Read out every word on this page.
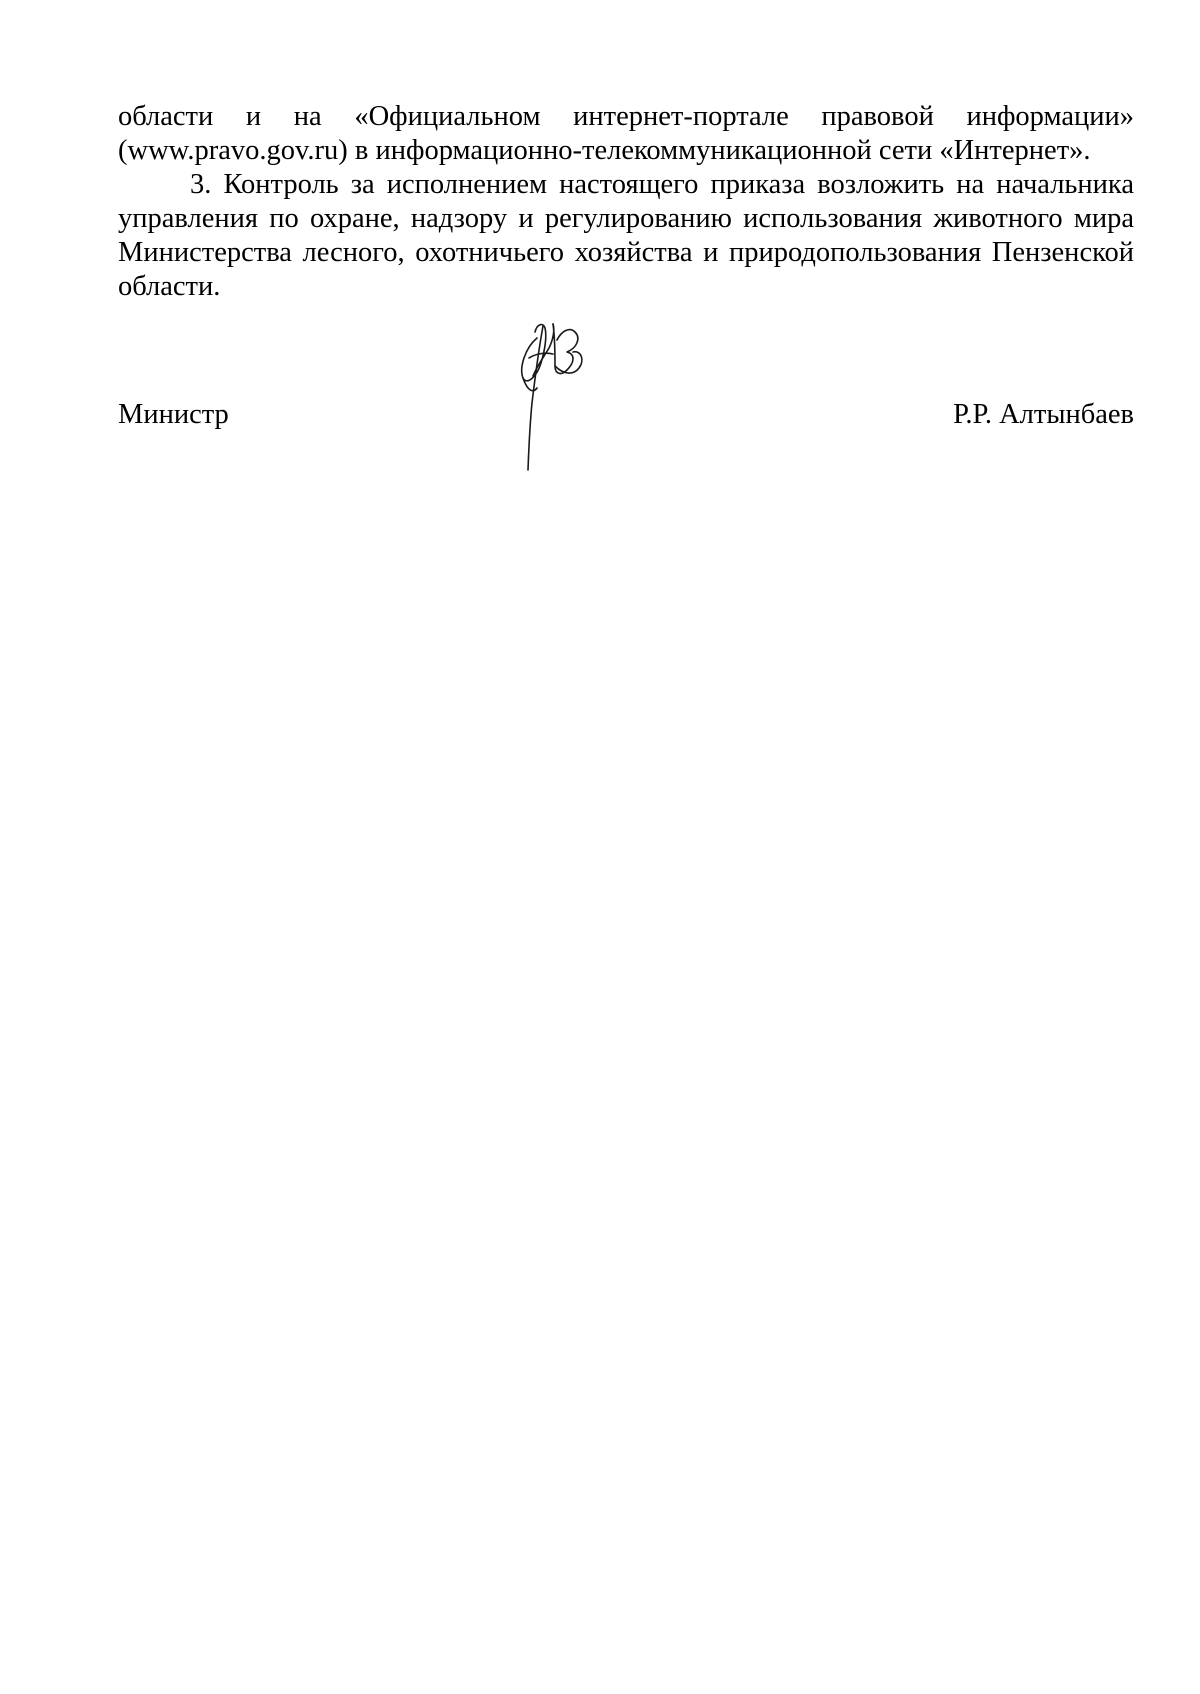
области и на «Официальном интернет-портале правовой информации»
(www.pravo.gov.ru) в информационно-телекоммуникационной сети «Интернет».

3. Контроль за исполнением настоящего приказа возложить на начальника
управления по охране, надзору и регулированию использования животного мира
Министерства лесного, охотничьего хозяйства и природопользования Пензенской
области.

Министр	Р.Р. Алтынбаев
